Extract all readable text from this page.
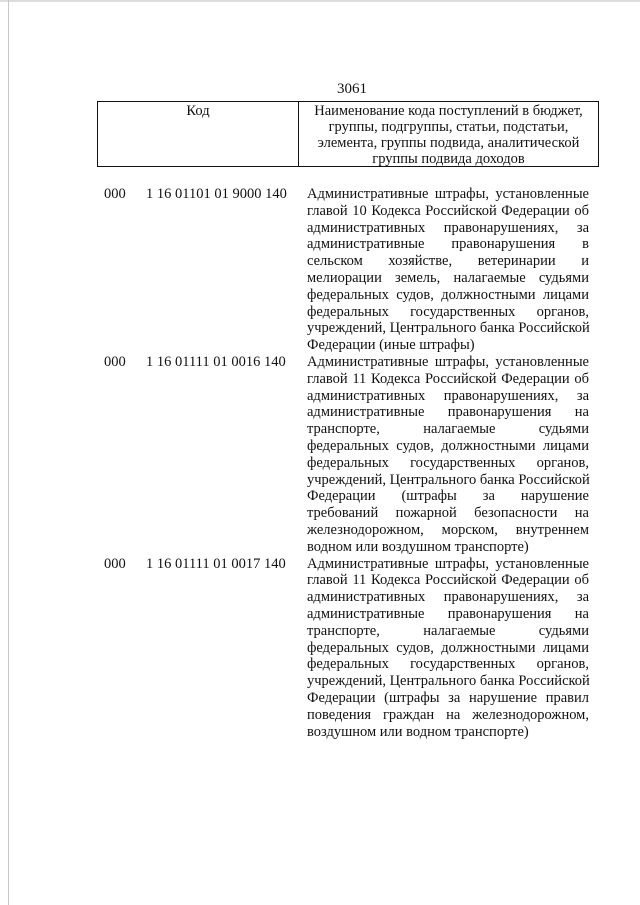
3061
Код	Наименование кода поступлений в бюджет,
группы, подгруппы, статьи, подстатьи,
элемента, группы подвида, аналитической
группы подвида доходов
000 1 16 01101 01 9000 140 Административные штрафы, установленные
главой 10 Кодекса Российской Федерации об
административных правонарушениях, за
административные правонарушения в
сельском хозяйстве, ветеринарии и
мелиорации земель, налагаемые судьями
федеральных судов, должностными лицами
федеральных государственных органов,
учреждений, Центрального банка Российской
Федерации (иные штрафы)
000 1 16 01111 01 0016 140 Административные штрафы, установленные
главой 11 Кодекса Российской Федерации об
административных правонарушениях, за
административные правонарушения на
транспорте, налагаемые судьями
федеральных судов, должностными лицами
федеральных государственных органов,
учреждений, Центрального банка Российской
Федерации (штрафы за нарушение
требований пожарной безопасности на
железнодорожном, морском, внутреннем
водном или воздушном транспорте)
000 1 16 01111 01 0017 140 Административные штрафы, установленные
главой 11 Кодекса Российской Федерации об
административных правонарушениях, за
административные правонарушения на
транспорте, налагаемые судьями
федеральных судов, должностными лицами
федеральных государственных органов,
учреждений, Центрального банка Российской
Федерации (штрафы за нарушение правил
поведения граждан на железнодорожном,
воздушном или водном транспорте)
